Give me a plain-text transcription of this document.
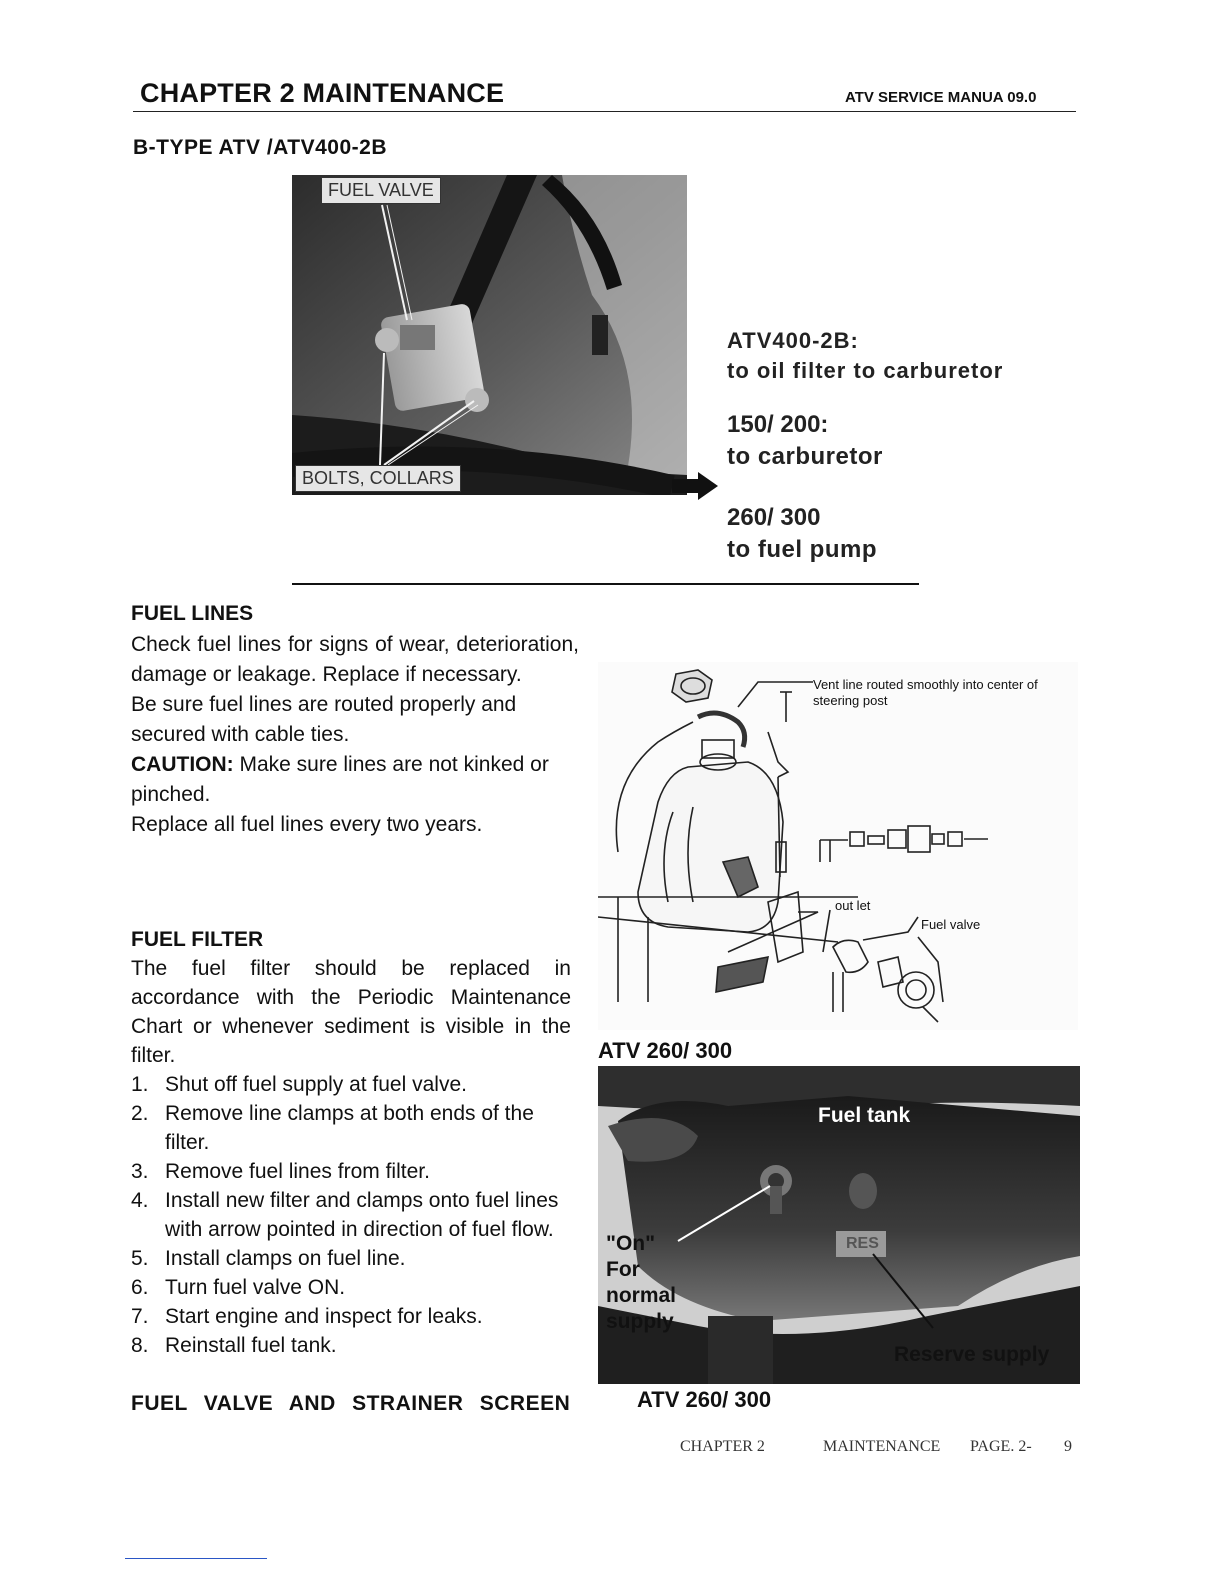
CHAPTER 2 MAINTENANCE	ATV SERVICE MANUA 09.0
B-TYPE ATV /ATV400-2B
FUEL VALVE
BOLTS, COLLARS
ATV400-2B:
to oil filter to carburetor
150/ 200:
to carburetor
260/ 300
to fuel pump
FUEL LINES

Check fuel lines for signs of wear, deterioration, damage or leakage. Replace if necessary.

Be sure fuel lines are routed properly and secured with cable ties.

CAUTION: Make sure lines are not kinked or pinched.

Replace all fuel lines every two years.

FUEL FILTER
The fuel filter should be replaced in accordance with the Periodic Maintenance Chart or whenever sediment is visible in the filter.
1. Shut off fuel supply at fuel valve.
2. Remove line clamps at both ends of the filter.
3. Remove fuel lines from filter.
4. Install new filter and clamps onto fuel lines with arrow pointed in direction of fuel flow.
5. Install clamps on fuel line.
6. Turn fuel valve ON.
7. Start engine and inspect for leaks.
8. Reinstall fuel tank.
FUEL VALVE AND STRAINER SCREEN
Vent line routed smoothly into center of steering post
out let
Fuel valve
ATV 260/ 300
Fuel tank
"On"
For
normal
supply
RES
Reserve supply
ATV 260/ 300
CHAPTER 2	MAINTENANCE PAGE. 2- 9
